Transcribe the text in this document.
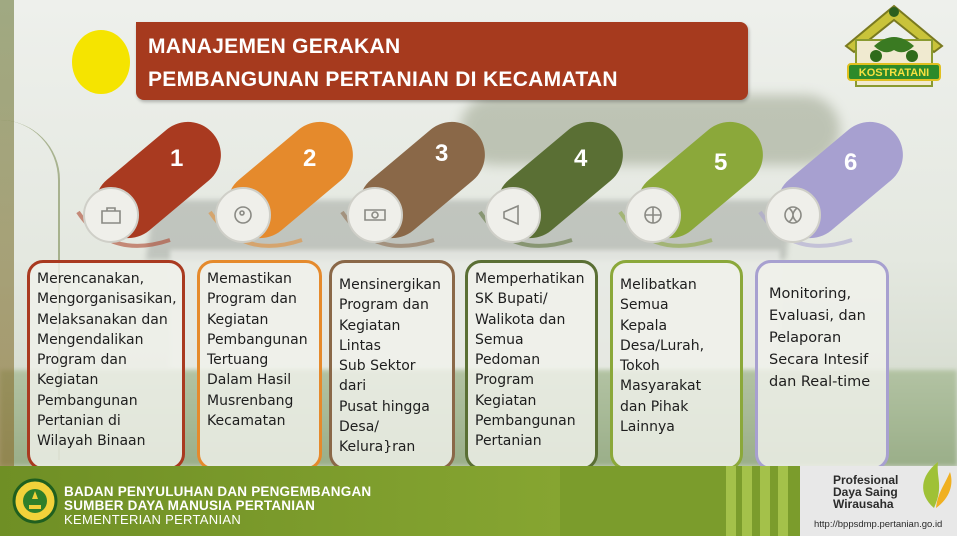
MANAJEMEN GERAKAN
PEMBANGUNAN PERTANIAN DI KECAMATAN	KOSTRATANI
1
Merencanakan,
Mengorganisasikan,
Melaksanakan dan
Mengendalikan
Program dan
Kegiatan
Pembangunan
Pertanian di
Wilayah Binaan
2
Memastikan
Program dan
Kegiatan
Pembangunan
Tertuang
Dalam Hasil
Musrenbang
Kecamatan
3
Mensinergikan
Program dan
Kegiatan Lintas
Sub Sektor dari
Pusat hingga
Desa/
Kelura}ran
4
Memperhatikan
SK Bupati/
Walikota dan
Semua
Pedoman
Program
Kegiatan
Pembangunan
Pertanian
5
Melibatkan
Semua
Kepala
Desa/Lurah,
Tokoh
Masyarakat
dan Pihak
Lainnya
6
Monitoring,
Evaluasi, dan
Pelaporan
Secara Intesif
dan Real-time
BADAN PENYULUHAN DAN PENGEMBANGAN
SUMBER DAYA MANUSIA PERTANIAN
KEMENTERIAN PERTANIAN
Profesional
Daya Saing
Wirausaha
http://bppsdmp.pertanian.go.id
